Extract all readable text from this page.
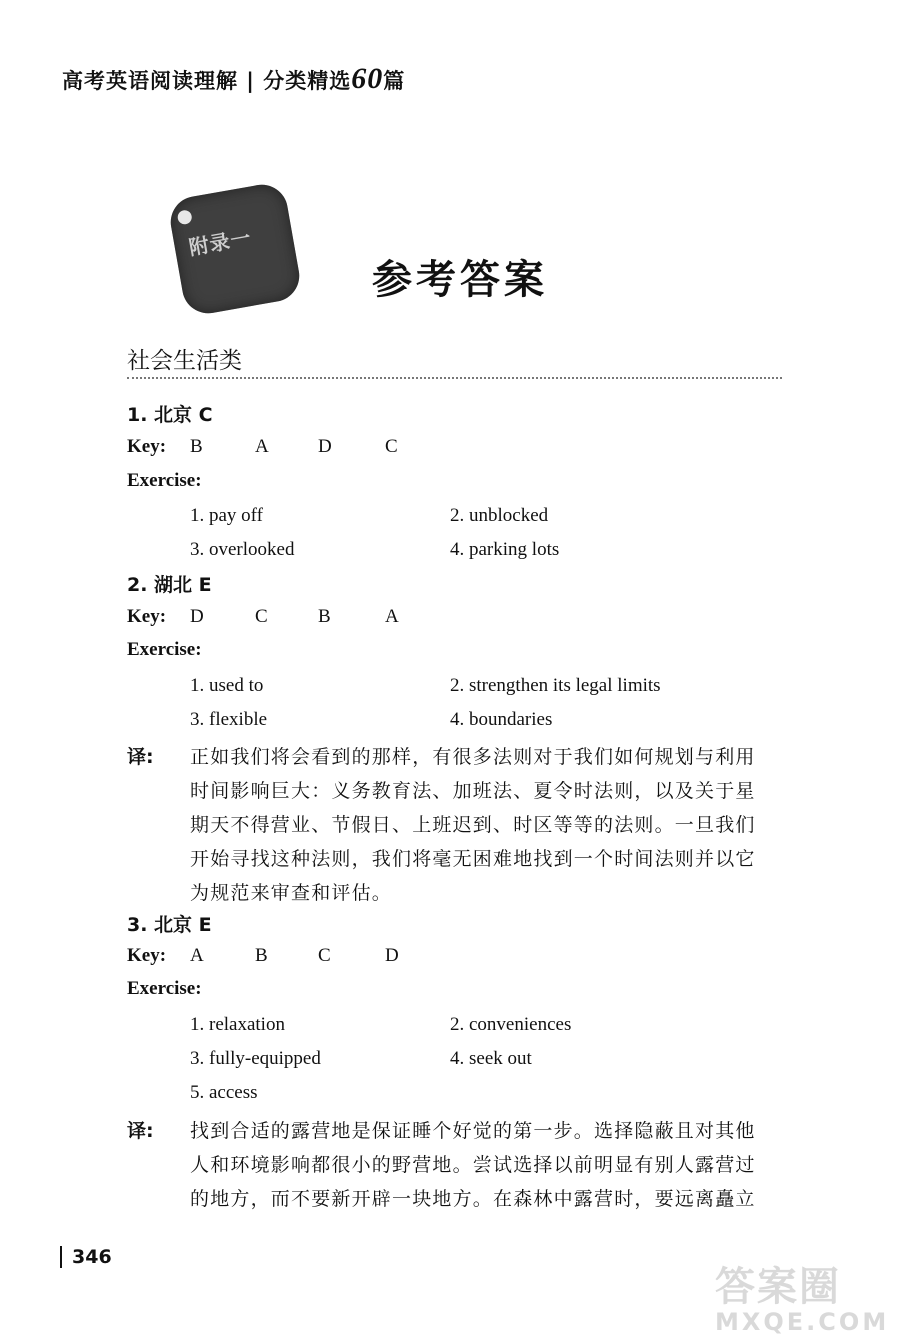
高考英语阅读理解 | 分类精选60篇
附录一
参考答案
社会生活类
1. 北京 C
Key: B	A	D	C
Exercise:
1. pay off	2. unblocked
3. overlooked	4. parking lots
2. 湖北 E
Key: D	C	B	A
Exercise:
1. used to	2. strengthen its legal limits
3. flexible	4. boundaries
译: 正如我们将会看到的那样，有很多法则对于我们如何规划与利用
时间影响巨大：义务教育法、加班法、夏令时法则，以及关于星
期天不得营业、节假日、上班迟到、时区等等的法则。一旦我们
开始寻找这种法则，我们将毫无困难地找到一个时间法则并以它
为规范来审查和评估。
3. 北京 E
Key: A	B	C	D
Exercise:
1. relaxation	2. conveniences
3. fully-equipped	4. seek out
5. access
译: 找到合适的露营地是保证睡个好觉的第一步。选择隐蔽且对其他
人和环境影响都很小的野营地。尝试选择以前明显有别人露营过
的地方，而不要新开辟一块地方。在森林中露营时，要远离矗立
346
答案圈
MXQE.COM
